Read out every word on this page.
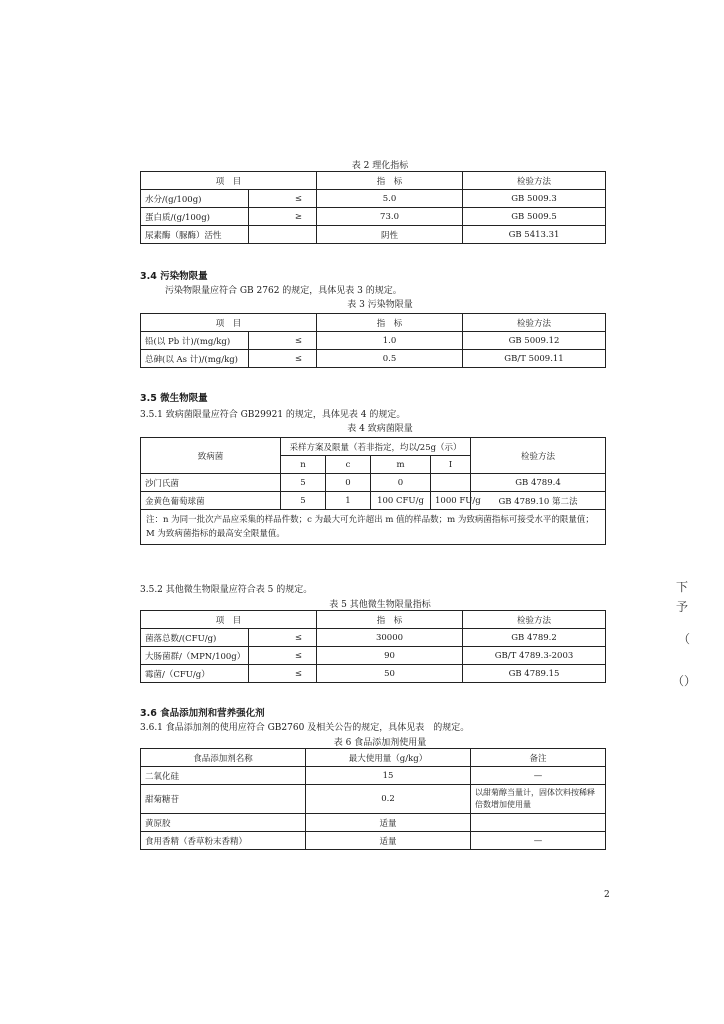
表 2 理化指标
项　目		指　标	检验方法
水分/(g/100g)	≤	5.0	GB 5009.3
蛋白质/(g/100g)	≥	73.0	GB 5009.5
尿素酶（脲酶）活性		阴性	GB 5413.31
3.4 污染物限量
污染物限量应符合 GB 2762 的规定，具体见表 3 的规定。
表 3 污染物限量
项　目		指　标	检验方法
铅(以 Pb 计)/(mg/kg)	≤	1.0	GB 5009.12
总砷(以 As 计)/(mg/kg)	≤	0.5	GB/T 5009.11
3.5 微生物限量
3.5.1 致病菌限量应符合 GB29921 的规定，具体见表 4 的规定。
表 4 致病菌限量
致病菌	采样方案及限量（若非指定，均以/25g（示）				检验方法
	n	c	m	I	
沙门氏菌	5	0	0		GB 4789.4
金黄色葡萄球菌	5	1	100 CFU/g	1000 FU/g	GB 4789.10 第二法
注：n 为同一批次产品应采集的样品件数；c 为最大可允许超出 m 值的样品数；m 为致病菌指标可接受水平的限量值；M 为致病菌指标的最高安全限量值。					
3.5.2 其他微生物限量应符合表 5 的规定。
表 5 其他微生物限量指标
项　目		指　标	检验方法
菌落总数/(CFU/g)	≤	30000	GB 4789.2
大肠菌群/（MPN/100g）	≤	90	GB/T 4789.3-2003
霉菌/（CFU/g）	≤	50	GB 4789.15
3.6 食品添加剂和营养强化剂
3.6.1 食品添加剂的使用应符合 GB2760 及相关公告的规定，具体见表　的规定。
表 6 食品添加剂使用量
食品添加剂名称	最大使用量（g/kg）	备注
二氧化硅	15	—
甜菊糖苷	0.2	以甜菊醇当量计，固体饮料按稀释倍数增加使用量
黄原胶	适量	
食用香精（香草粉末香精）	适量	—
2
下
予
（
（）
